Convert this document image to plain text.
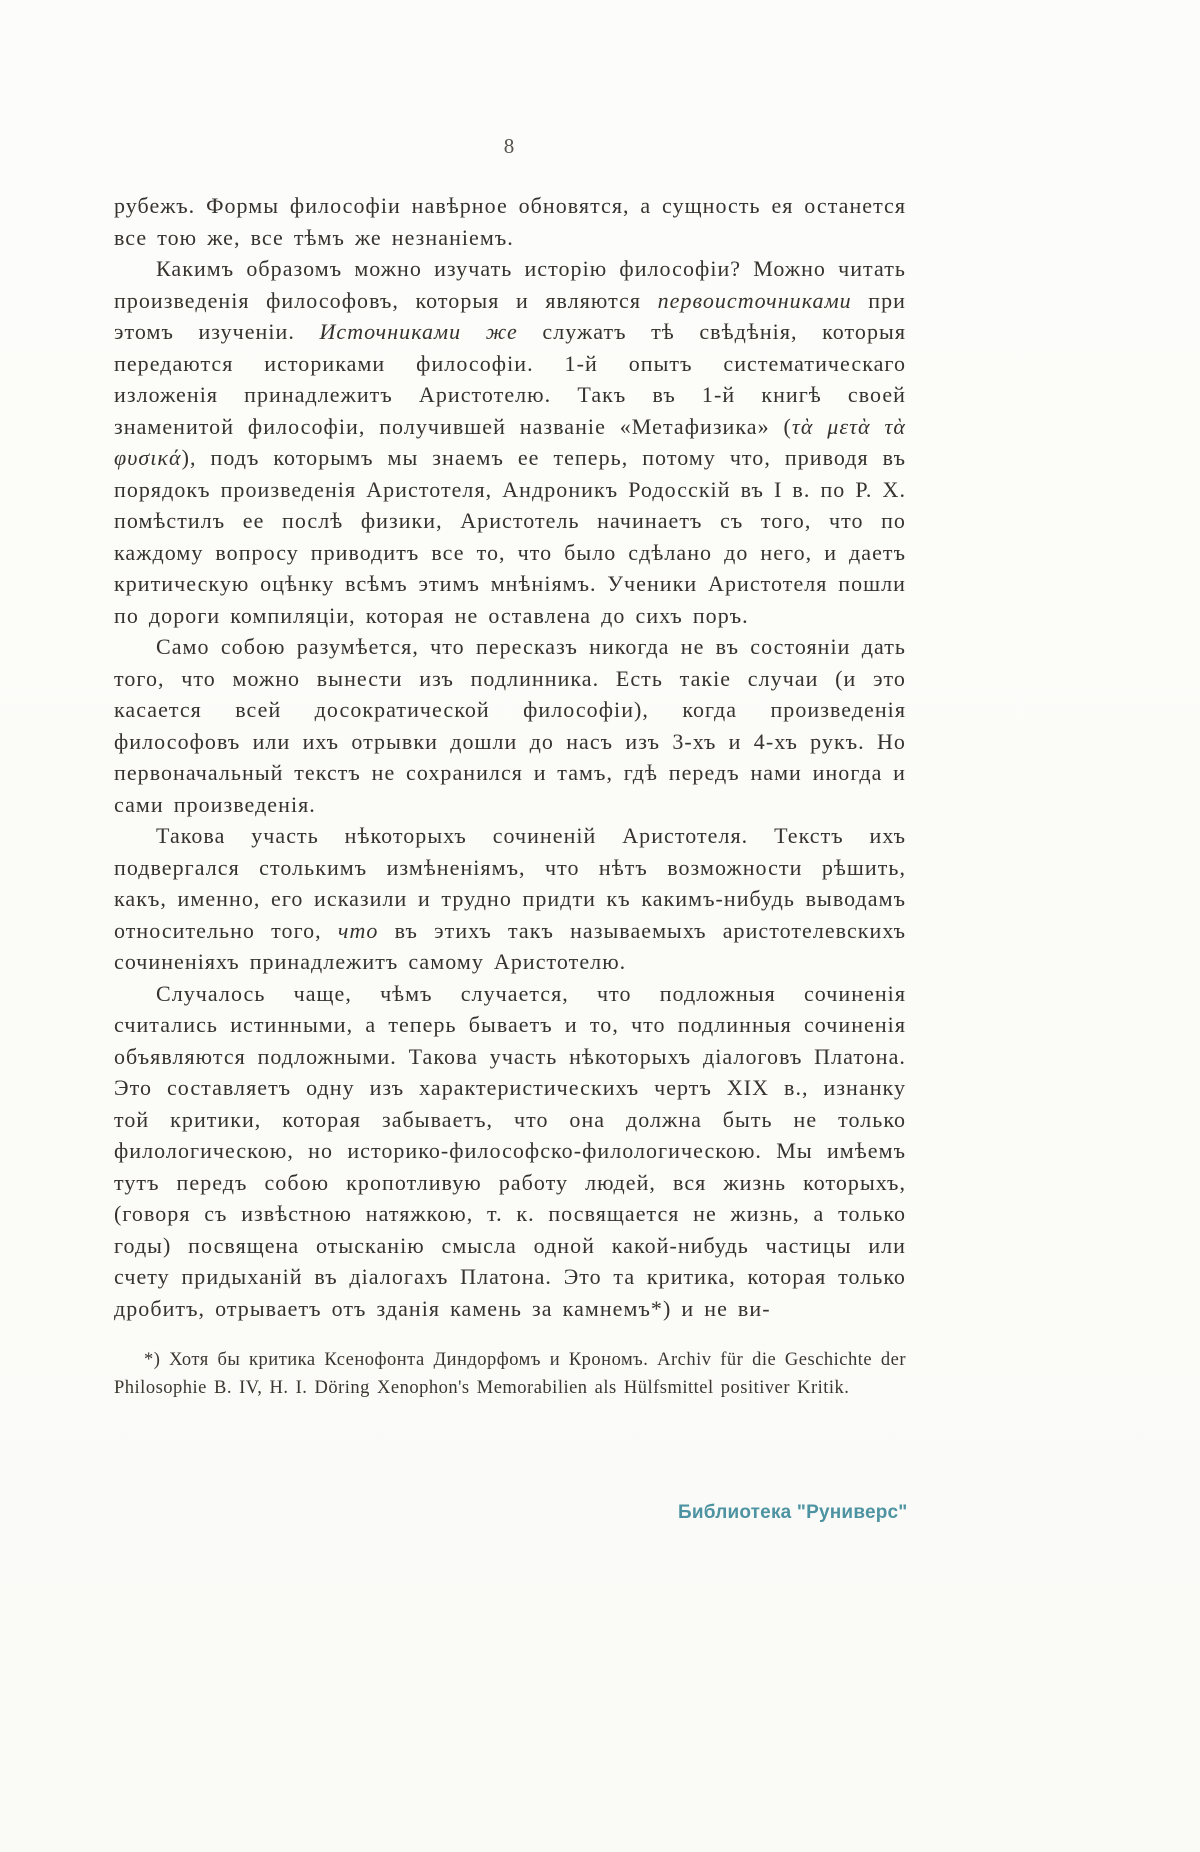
8

рубежъ. Формы философіи навѣрное обновятся, а сущность ея останется все тою же, все тѣмъ же незнаніемъ.

Какимъ образомъ можно изучать исторію философіи? Можно читать произведенія философовъ, которыя и являются первоисточниками при этомъ изученіи. Источниками же служатъ тѣ свѣдѣнія, которыя передаются историками философіи. 1-й опытъ систематическаго изложенія принадлежитъ Аристотелю. Такъ въ 1-й книгѣ своей знаменитой философіи, получившей названіе «Метафизика» (τὰ μετὰ τὰ φυσικά), подъ которымъ мы знаемъ ее теперь, потому что, приводя въ порядокъ произведенія Аристотеля, Андроникъ Родосскій въ I в. по Р. X. помѣстилъ ее послѣ физики, Аристотель начинаетъ съ того, что по каждому вопросу приводитъ все то, что было сдѣлано до него, и даетъ критическую оцѣнку всѣмъ этимъ мнѣніямъ. Ученики Аристотеля пошли по дороги компиляціи, которая не оставлена до сихъ поръ.

Само собою разумѣется, что пересказъ никогда не въ состояніи дать того, что можно вынести изъ подлинника. Есть такіе случаи (и это касается всей досократической философіи), когда произведенія философовъ или ихъ отрывки дошли до насъ изъ 3-хъ и 4-хъ рукъ. Но первоначальный текстъ не сохранился и тамъ, гдѣ передъ нами иногда и сами произведенія.

Такова участь нѣкоторыхъ сочиненій Аристотеля. Текстъ ихъ подвергался столькимъ измѣненіямъ, что нѣтъ возможности рѣшить, какъ, именно, его исказили и трудно придти къ какимъ-нибудь выводамъ относительно того, что въ этихъ такъ называемыхъ аристотелевскихъ сочиненіяхъ принадлежитъ самому Аристотелю.

Случалось чаще, чѣмъ случается, что подложныя сочиненія считались истинными, а теперь бываетъ и то, что подлинныя сочиненія объявляются подложными. Такова участь нѣкоторыхъ діалоговъ Платона. Это составляетъ одну изъ характеристическихъ чертъ XIX в., изнанку той критики, которая забываетъ, что она должна быть не только филологическою, но историко-философско-филологическою. Мы имѣемъ тутъ передъ собою кропотливую работу людей, вся жизнь которыхъ, (говоря съ извѣстною натяжкою, т. к. посвящается не жизнь, а только годы) посвящена отысканію смысла одной какой-нибудь частицы или счету придыханій въ діалогахъ Платона. Это та критика, которая только дробитъ, отрываетъ отъ зданія камень за камнемъ*) и не ви-

*) Хотя бы критика Ксенофонта Диндорфомъ и Крономъ. Archiv für die Geschichte der Philosophie B. IV, H. I. Döring Xenophon's Memorabilien als Hülfsmittel positiver Kritik.

Библиотека "Руниверс"
